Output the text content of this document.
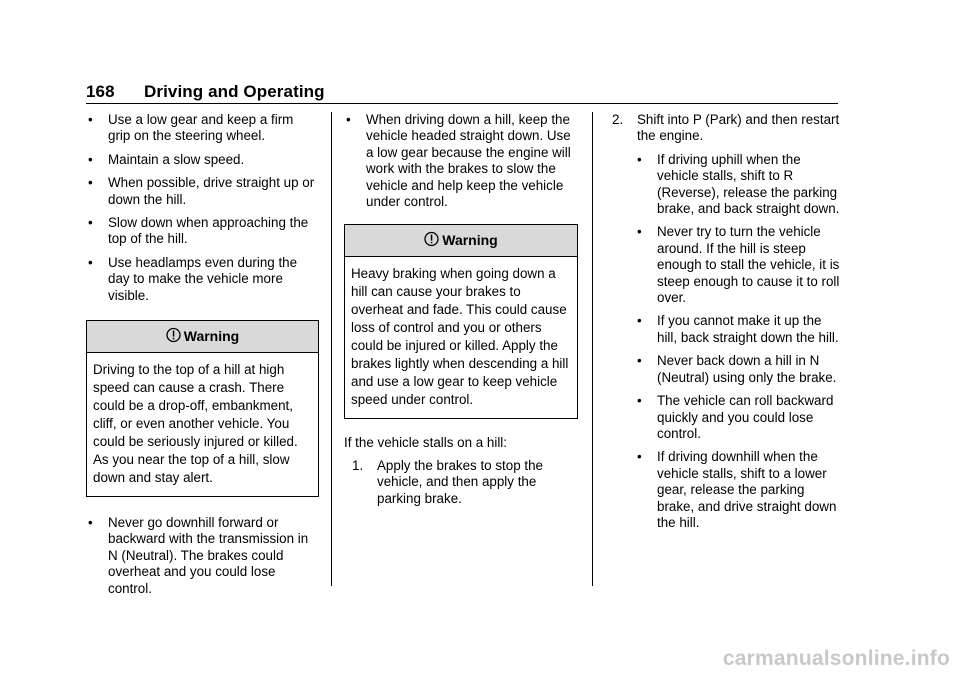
168 Driving and Operating
•	Use a low gear and keep a firm grip on the steering wheel.
•	Maintain a slow speed.
•	When possible, drive straight up or down the hill.
•	Slow down when approaching the top of the hill.
•	Use headlamps even during the day to make the vehicle more visible.
Warning
Driving to the top of a hill at high speed can cause a crash. There could be a drop-off, embankment, cliff, or even another vehicle. You could be seriously injured or killed. As you near the top of a hill, slow down and stay alert.
•	Never go downhill forward or backward with the transmission in N (Neutral). The brakes could overheat and you could lose control.
•	When driving down a hill, keep the vehicle headed straight down. Use a low gear because the engine will work with the brakes to slow the vehicle and help keep the vehicle under control.
Warning
Heavy braking when going down a hill can cause your brakes to overheat and fade. This could cause loss of control and you or others could be injured or killed. Apply the brakes lightly when descending a hill and use a low gear to keep vehicle speed under control.
If the vehicle stalls on a hill:
1.	Apply the brakes to stop the vehicle, and then apply the parking brake.
2.	Shift into P (Park) and then restart the engine.
•	If driving uphill when the vehicle stalls, shift to R (Reverse), release the parking brake, and back straight down.
•	Never try to turn the vehicle around. If the hill is steep enough to stall the vehicle, it is steep enough to cause it to roll over.
•	If you cannot make it up the hill, back straight down the hill.
•	Never back down a hill in N (Neutral) using only the brake.
•	The vehicle can roll backward quickly and you could lose control.
•	If driving downhill when the vehicle stalls, shift to a lower gear, release the parking brake, and drive straight down the hill.
carmanualsonline.info
